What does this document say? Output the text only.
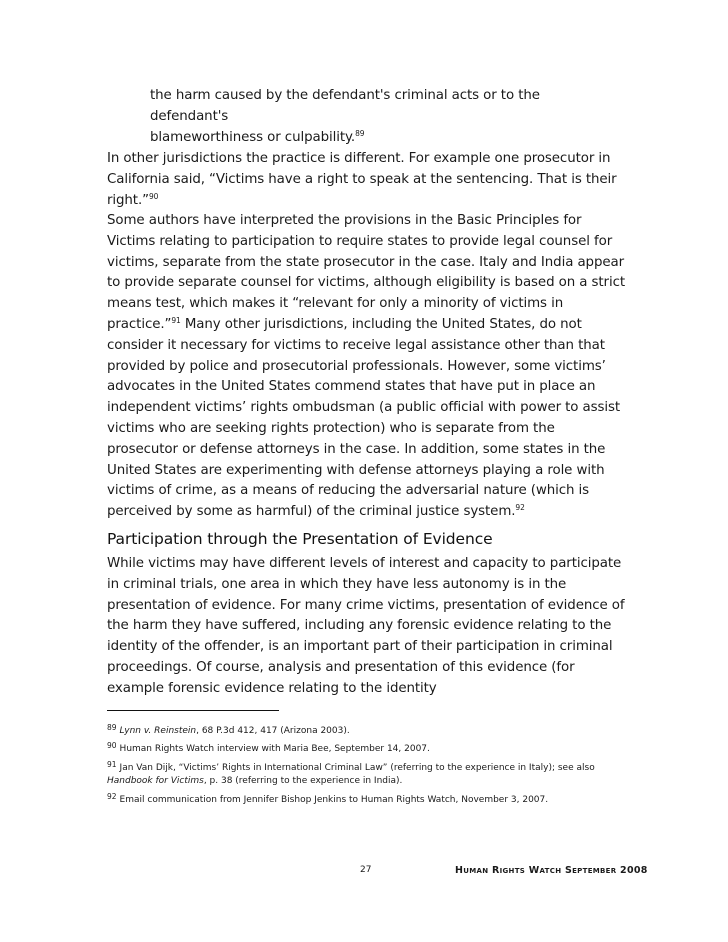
the harm caused by the defendant's criminal acts or to the defendant's

blameworthiness or culpability.$^{89}$

In other jurisdictions the practice is different. For example one prosecutor in California said, “Victims have a right to speak at the sentencing. That is their right.”$^{90}$

Some authors have interpreted the provisions in the Basic Principles for Victims relating to participation to require states to provide legal counsel for victims, separate from the state prosecutor in the case. Italy and India appear to provide separate counsel for victims, although eligibility is based on a strict means test, which makes it “relevant for only a minority of victims in practice.”$^{91}$ Many other jurisdictions, including the United States, do not consider it necessary for victims to receive legal assistance other than that provided by police and prosecutorial professionals. However, some victims’ advocates in the United States commend states that have put in place an independent victims’ rights ombudsman (a public official with power to assist victims who are seeking rights protection) who is separate from the prosecutor or defense attorneys in the case. In addition, some states in the United States are experimenting with defense attorneys playing a role with victims of crime, as a means of reducing the adversarial nature (which is perceived by some as harmful) of the criminal justice system.$^{92}$

Participation through the Presentation of Evidence

While victims may have different levels of interest and capacity to participate in criminal trials, one area in which they have less autonomy is in the presentation of evidence. For many crime victims, presentation of evidence of the harm they have suffered, including any forensic evidence relating to the identity of the offender, is an important part of their participation in criminal proceedings. Of course, analysis and presentation of this evidence (for example forensic evidence relating to the identity

$^{89}$ Lynn v. Reinstein, 68 P.3d 412, 417 (Arizona 2003).
$^{90}$ Human Rights Watch interview with Maria Bee, September 14, 2007.
$^{91}$ Jan Van Dijk, “Victims’ Rights in International Criminal Law” (referring to the experience in Italy); see also Handbook for Victims, p. 38 (referring to the experience in India).
$^{92}$ Email communication from Jennifer Bishop Jenkins to Human Rights Watch, November 3, 2007.
27	Human Rights Watch September 2008
